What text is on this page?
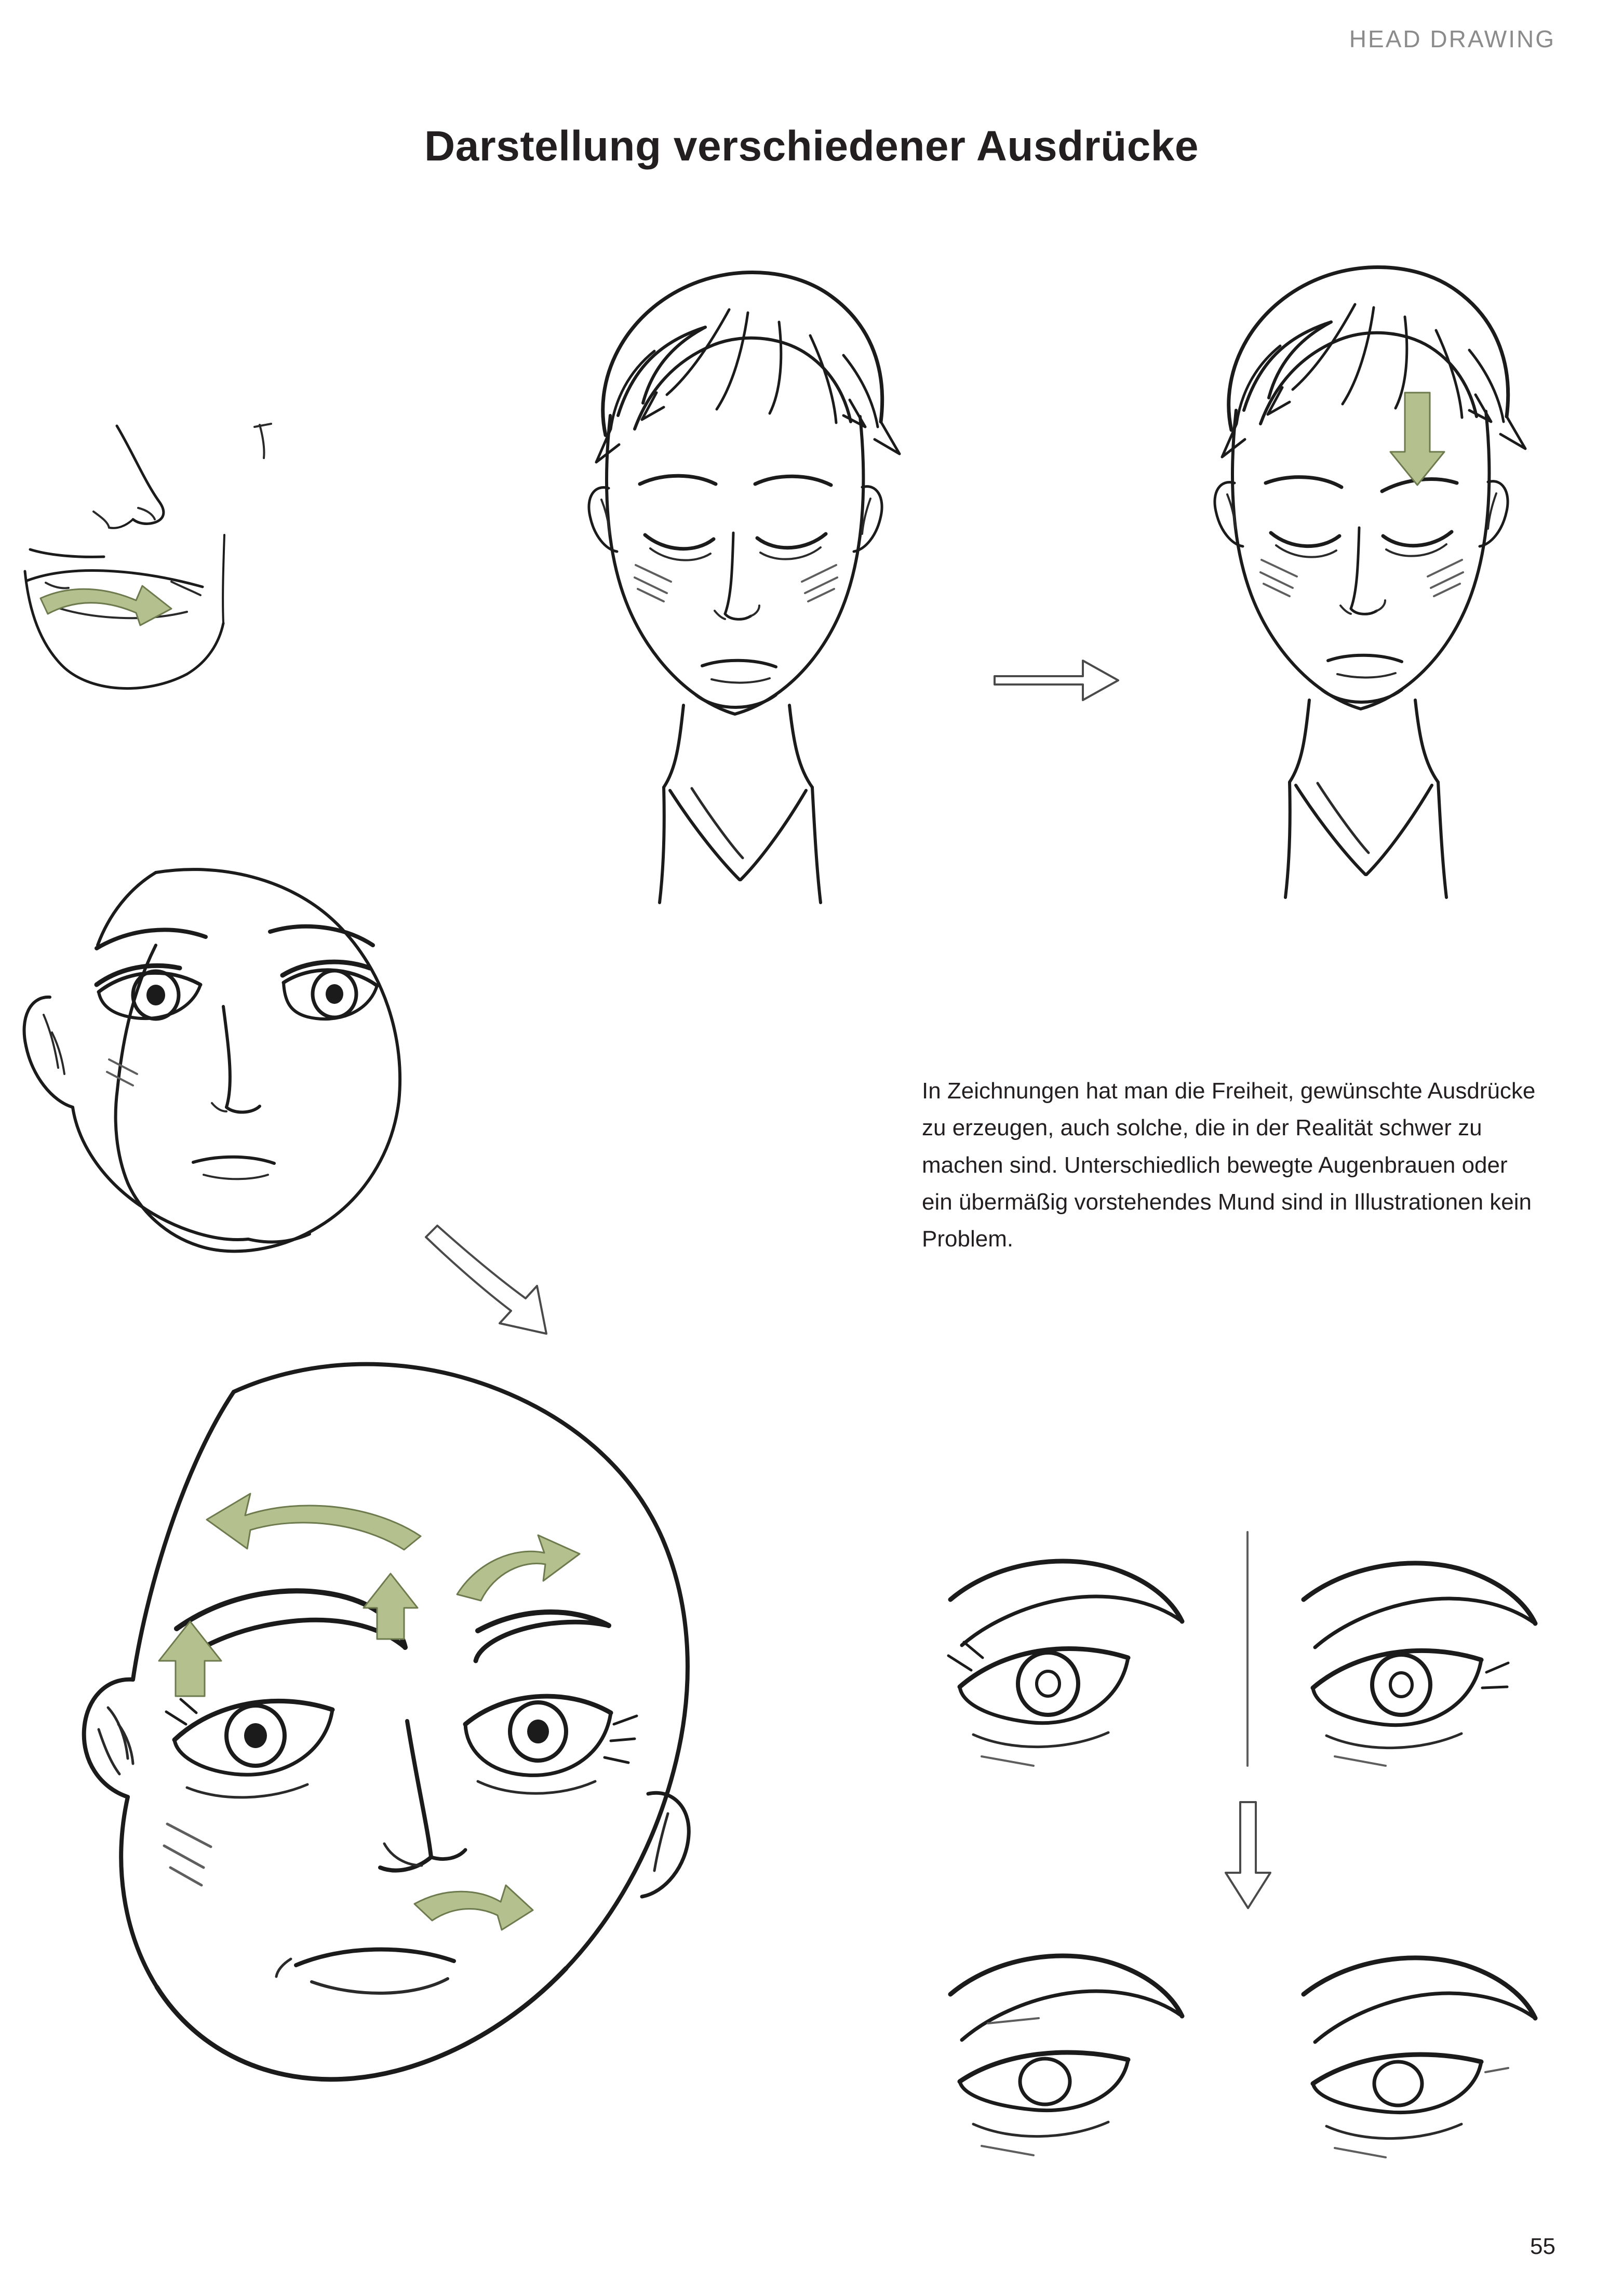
HEAD DRAWING
Darstellung verschiedener Ausdrücke

In Zeichnungen hat man die Freiheit, gewünschte Ausdrücke zu erzeugen, auch solche, die in der Realität schwer zu machen sind. Unterschiedlich bewegte Augenbrauen oder ein übermäßig vorstehendes Mund sind in Illustrationen kein Problem.

55
